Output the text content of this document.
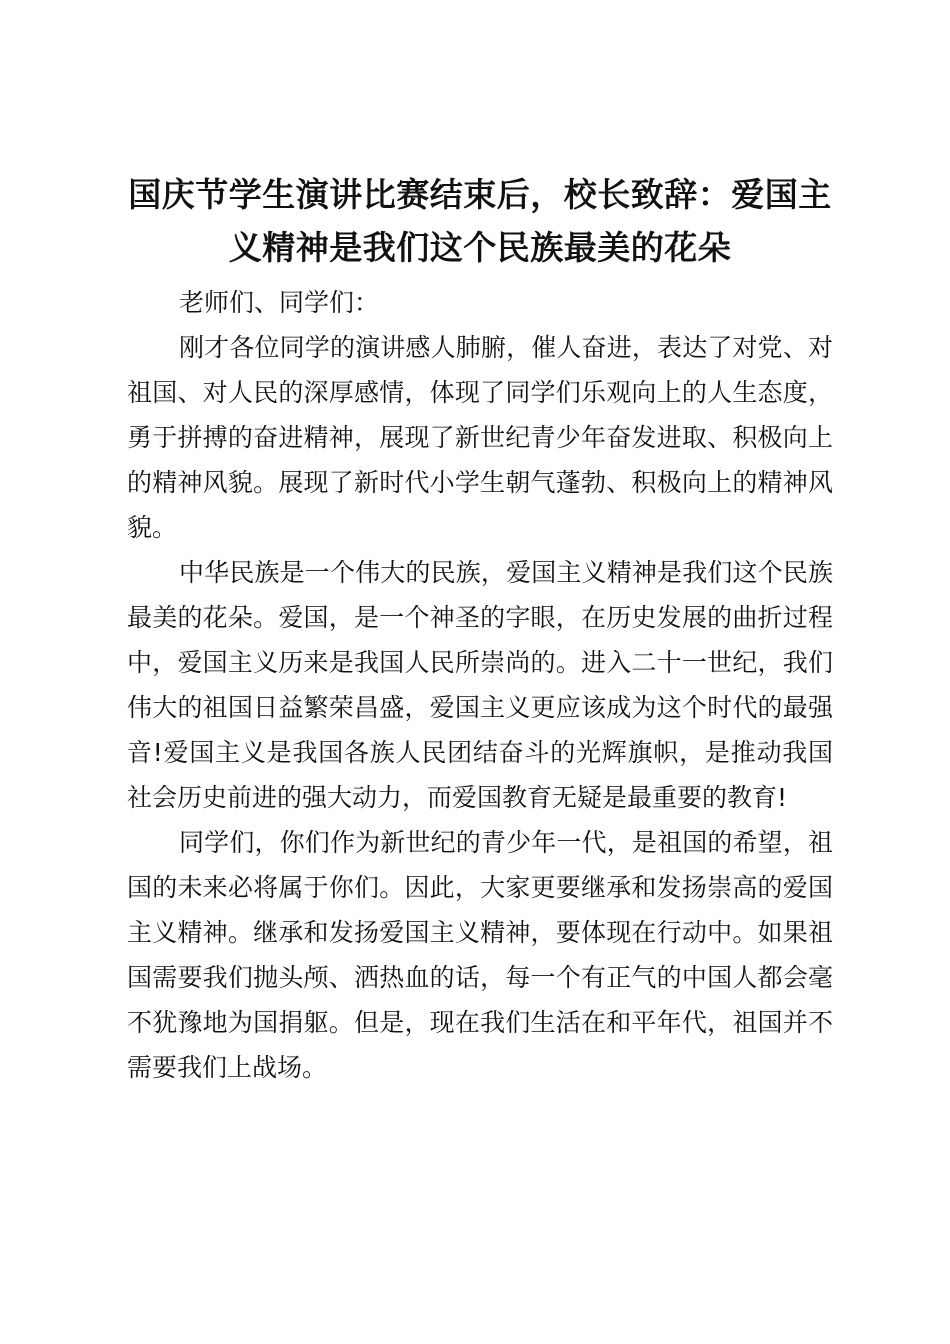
国庆节学生演讲比赛结束后，校长致辞：爱国主义精神是我们这个民族最美的花朵

老师们、同学们：

刚才各位同学的演讲感人肺腑，催人奋进，表达了对党、对祖国、对人民的深厚感情，体现了同学们乐观向上的人生态度，勇于拼搏的奋进精神，展现了新世纪青少年奋发进取、积极向上的精神风貌。展现了新时代小学生朝气蓬勃、积极向上的精神风貌。

中华民族是一个伟大的民族，爱国主义精神是我们这个民族最美的花朵。爱国，是一个神圣的字眼，在历史发展的曲折过程中，爱国主义历来是我国人民所崇尚的。进入二十一世纪，我们伟大的祖国日益繁荣昌盛，爱国主义更应该成为这个时代的最强音!爱国主义是我国各族人民团结奋斗的光辉旗帜，是推动我国社会历史前进的强大动力，而爱国教育无疑是最重要的教育!

同学们，你们作为新世纪的青少年一代，是祖国的希望，祖国的未来必将属于你们。因此，大家更要继承和发扬崇高的爱国主义精神。继承和发扬爱国主义精神，要体现在行动中。如果祖国需要我们抛头颅、洒热血的话，每一个有正气的中国人都会毫不犹豫地为国捐躯。但是，现在我们生活在和平年代，祖国并不需要我们上战场。
